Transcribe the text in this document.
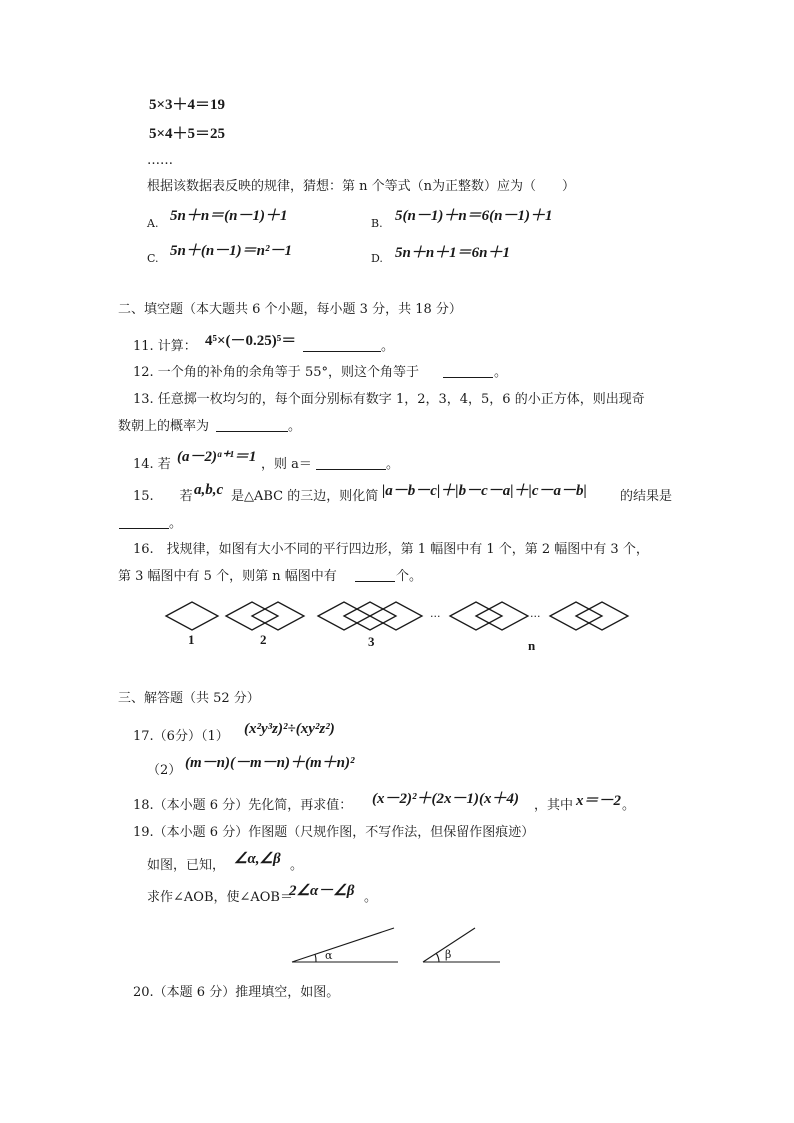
5×3＋4＝19
5×4＋5＝25
……
根据该数据表反映的规律，猜想：第 n 个等式（n为正整数）应为（　　）
A. 5n＋n＝(n－1)＋1	B. 5(n－1)＋n＝6(n－1)＋1
C. 5n＋(n－1)＝n²－1	D. 5n＋n＋1＝6n＋1
二、填空题（本大题共 6 个小题，每小题 3 分，共 18 分）
11. 计算： 4⁵×(－0.25)⁵＝	。
12. 一个角的补角的余角等于 55°，则这个角等于	。
13. 任意掷一枚均匀的，每个面分别标有数字 1，2，3，4，5，6 的小正方体，则出现奇
数朝上的概率为	。
14. 若 (a－2)ᵃ⁺¹＝1 ，则 a＝	。
15.　　若 a,b,c 是△ABC 的三边，则化简 |a－b－c|＋|b－c－a|＋|c－a－b|	的结果是
。
16.　找规律，如图有大小不同的平行四边形，第 1 幅图中有 1 个，第 2 幅图中有 3 个，
第 3 幅图中有 5 个，则第 n 幅图中有	个。
···	···
1	2	3	n
三、解答题（共 52 分）
17.（6分）（1） (x²y³z)²÷(xy²z²)
（2） (m－n)(－m－n)＋(m＋n)²
18.（本小题 6 分）先化简，再求值： (x－2)²＋(2x－1)(x＋4) ，其中 x＝－2 。
19.（本小题 6 分）作图题（尺规作图，不写作法，但保留作图痕迹）
如图，已知， ∠α,∠β 。
求作∠AOB，使∠AOB＝
2∠α－∠β 。
α	β
20.（本题 6 分）推理填空，如图。
